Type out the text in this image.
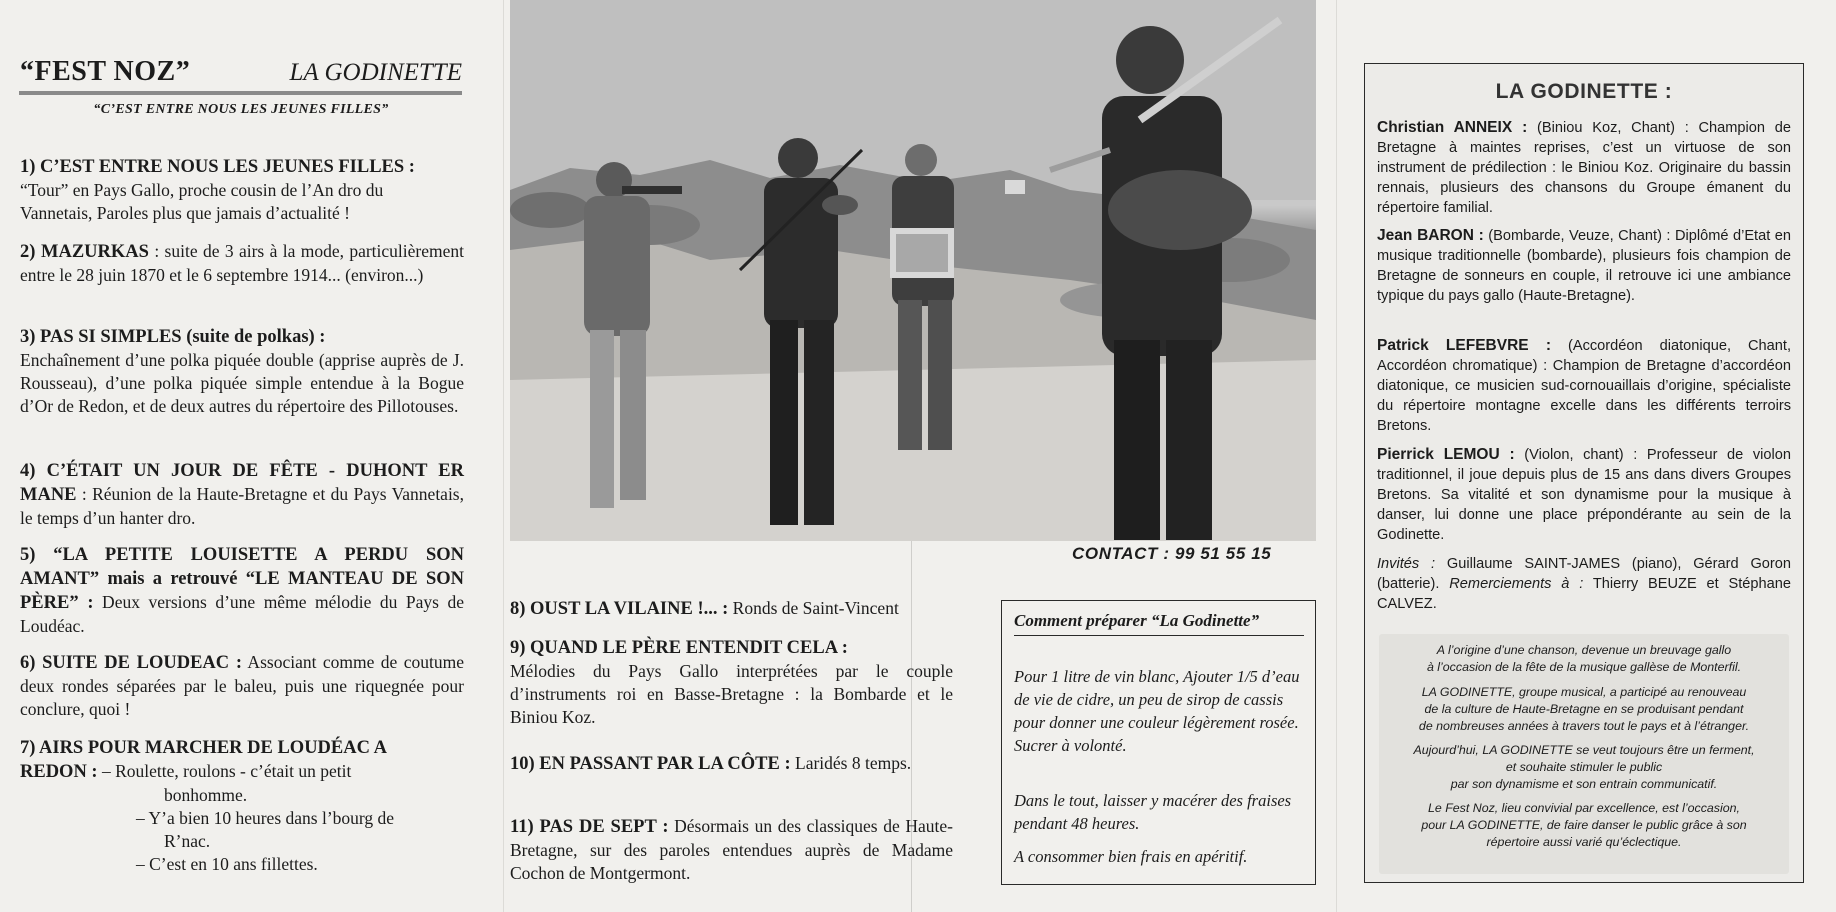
“FEST NOZ”	LA GODINETTE
“C’EST ENTRE NOUS LES JEUNES FILLES”
1) C’EST ENTRE NOUS LES JEUNES FILLES :
“Tour” en Pays Gallo, proche cousin de l’An dro du
Vannetais, Paroles plus que jamais d’actualité !
2) MAZURKAS : suite de 3 airs à la mode, particulièrement entre le 28 juin 1870 et le 6 septembre 1914... (environ...)
3) PAS SI SIMPLES (suite de polkas) :
Enchaînement d’une polka piquée double (apprise auprès de J. Rousseau), d’une polka piquée simple entendue à la Bogue d’Or de Redon, et de deux autres du répertoire des Pillotouses.
4) C’ÉTAIT UN JOUR DE FÊTE - DUHONT ER MANE : Réunion de la Haute-Bretagne et du Pays Vannetais, le temps d’un hanter dro.
5) “LA PETITE LOUISETTE A PERDU SON AMANT” mais a retrouvé “LE MANTEAU DE SON PÈRE” : Deux versions d’une même mélodie du Pays de Loudéac.
6) SUITE DE LOUDEAC : Associant comme de coutume deux rondes séparées par le baleu, puis une riquegnée pour conclure, quoi !
7) AIRS POUR MARCHER DE LOUDÉAC A
REDON : – Roulette, roulons - c’était un petit
bonhomme.
– Y’a bien 10 heures dans l’bourg de
R’nac.
– C’est en 10 ans fillettes.
CONTACT : 99 51 55 15
8) OUST LA VILAINE !... : Ronds de Saint-Vincent
9) QUAND LE PÈRE ENTENDIT CELA :
Mélodies du Pays Gallo interprétées par le couple d’instruments roi en Basse-Bretagne : la Bombarde et le Biniou Koz.
10) EN PASSANT PAR LA CÔTE : Laridés 8 temps.
11) PAS DE SEPT : Désormais un des classiques de Haute-Bretagne, sur des paroles entendues auprès de Madame Cochon de Montgermont.
Comment préparer “La Godinette”
Pour 1 litre de vin blanc, Ajouter 1/5 d’eau de vie de cidre, un peu de sirop de cassis pour donner une couleur légèrement rosée. Sucrer à volonté.
Dans le tout, laisser y macérer des fraises pendant 48 heures.
A consommer bien frais en apéritif.
LA GODINETTE :
Christian ANNEIX : (Biniou Koz, Chant) : Champion de Bretagne à maintes reprises, c’est un virtuose de son instrument de prédilection : le Biniou Koz. Originaire du bassin rennais, plusieurs des chansons du Groupe émanent du répertoire familial.
Jean BARON : (Bombarde, Veuze, Chant) : Diplômé d’Etat en musique traditionnelle (bombarde), plusieurs fois champion de Bretagne de sonneurs en couple, il retrouve ici une ambiance typique du pays gallo (Haute-Bretagne).
Patrick LEFEBVRE : (Accordéon diatonique, Chant, Accordéon chromatique) : Champion de Bretagne d’accordéon diatonique, ce musicien sud-cornouaillais d’origine, spécialiste du répertoire montagne excelle dans les différents terroirs Bretons.
Pierrick LEMOU : (Violon, chant) : Professeur de violon traditionnel, il joue depuis plus de 15 ans dans divers Groupes Bretons. Sa vitalité et son dynamisme pour la musique à danser, lui donne une place prépondérante au sein de la Godinette.
Invités : Guillaume SAINT-JAMES (piano), Gérard Goron (batterie). Remerciements à : Thierry BEUZE et Stéphane CALVEZ.
A l’origine d’une chanson, devenue un breuvage gallo
à l’occasion de la fête de la musique gallèse de Monterfil.
LA GODINETTE, groupe musical, a participé au renouveau
de la culture de Haute-Bretagne en se produisant pendant
de nombreuses années à travers tout le pays et à l’étranger.
Aujourd’hui, LA GODINETTE se veut toujours être un ferment,
et souhaite stimuler le public
par son dynamisme et son entrain communicatif.
Le Fest Noz, lieu convivial par excellence, est l’occasion,
pour LA GODINETTE, de faire danser le public grâce à son
répertoire aussi varié qu’éclectique.
